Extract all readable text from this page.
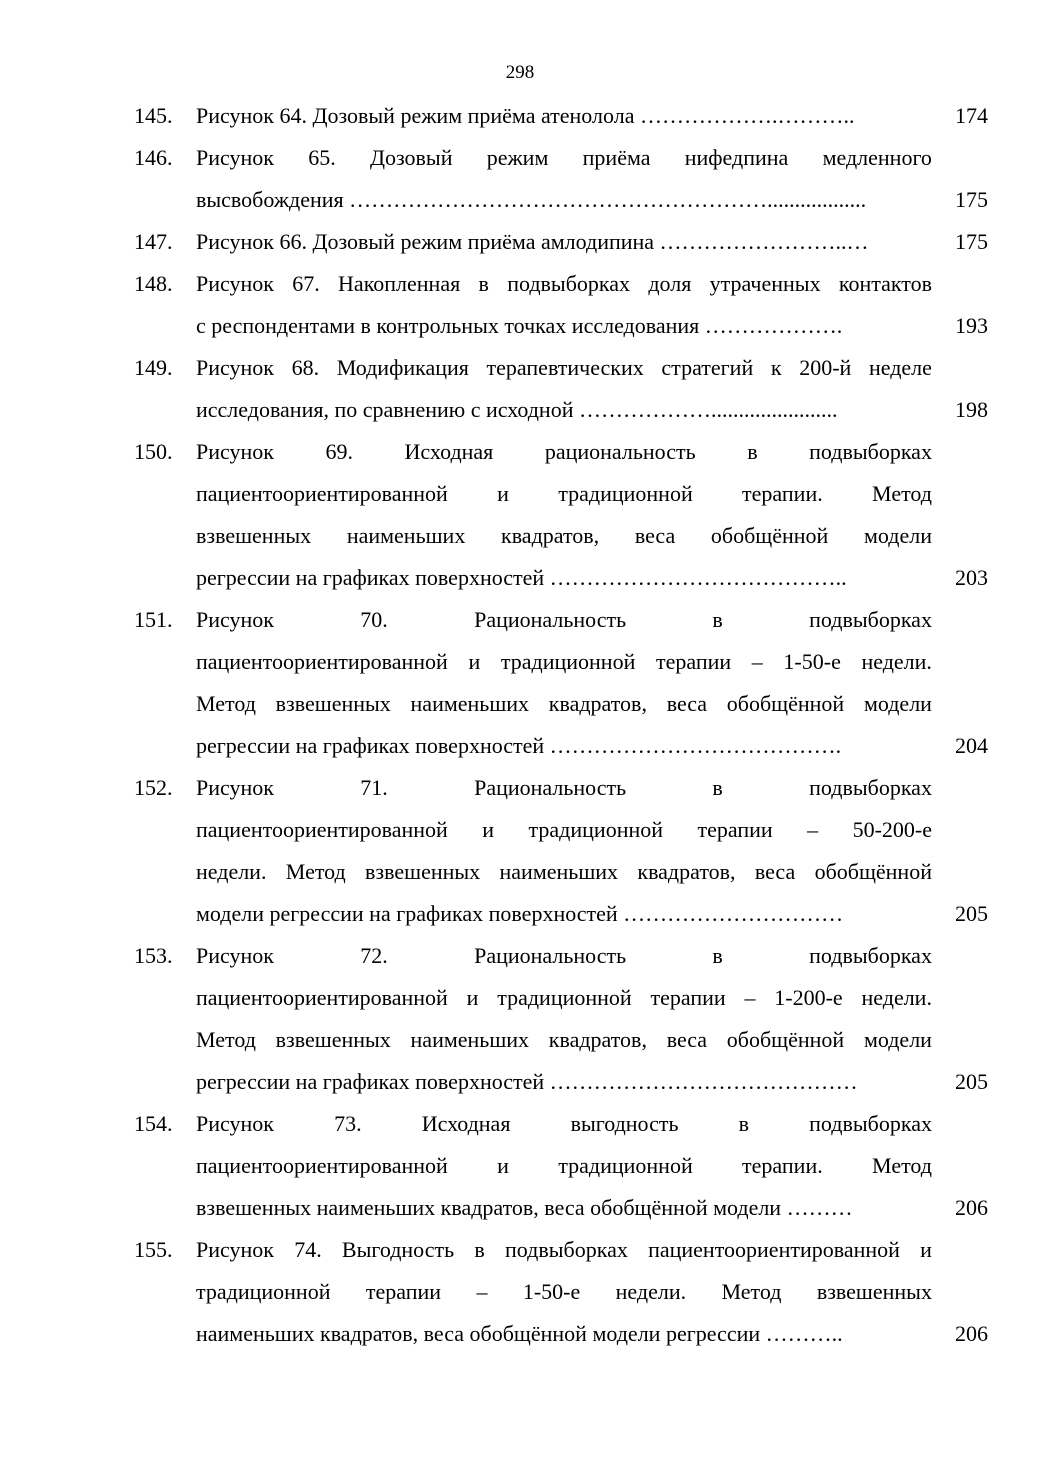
298
145. Рисунок 64. Дозовый режим приёма атенолола ……………….………..	174
146. Рисунок 65. Дозовый режим приёма нифедпина медленного
высвобождения …………………………………………………..................	175
147. Рисунок 66. Дозовый режим приёма амлодипина ……………………..…	175
148. Рисунок 67. Накопленная в подвыборках доля утраченных контактов
с респондентами в контрольных точках исследования ……………….	193
149. Рисунок 68. Модификация терапевтических стратегий к 200-й неделе
исследования, по сравнению с исходной ……………….......................	198
150. Рисунок 69. Исходная рациональность в подвыборках
пациентоориентированной и традиционной терапии. Метод
взвешенных наименьших квадратов, веса обобщённой модели
регрессии на графиках поверхностей …………………………………..	203
151. Рисунок	70.	Рациональность	в	подвыборках
пациентоориентированной и традиционной терапии – 1-50-е недели.
Метод взвешенных наименьших квадратов, веса обобщённой модели
регрессии на графиках поверхностей ………………………………….	204
152. Рисунок	71.	Рациональность	в	подвыборках
пациентоориентированной и традиционной терапии – 50-200-е
недели. Метод взвешенных наименьших квадратов, веса обобщённой
модели регрессии на графиках поверхностей …………………………	205
153. Рисунок	72.	Рациональность	в	подвыборках
пациентоориентированной и традиционной терапии – 1-200-е недели.
Метод взвешенных наименьших квадратов, веса обобщённой модели
регрессии на графиках поверхностей ……………………………………	205
154. Рисунок	73.	Исходная	выгодность	в	подвыборках
пациентоориентированной и традиционной терапии. Метод
взвешенных наименьших квадратов, веса обобщённой модели ………	206
155. Рисунок 74. Выгодность в подвыборках пациентоориентированной и
традиционной терапии – 1-50-е недели. Метод взвешенных
наименьших квадратов, веса обобщённой модели регрессии ………..	206
